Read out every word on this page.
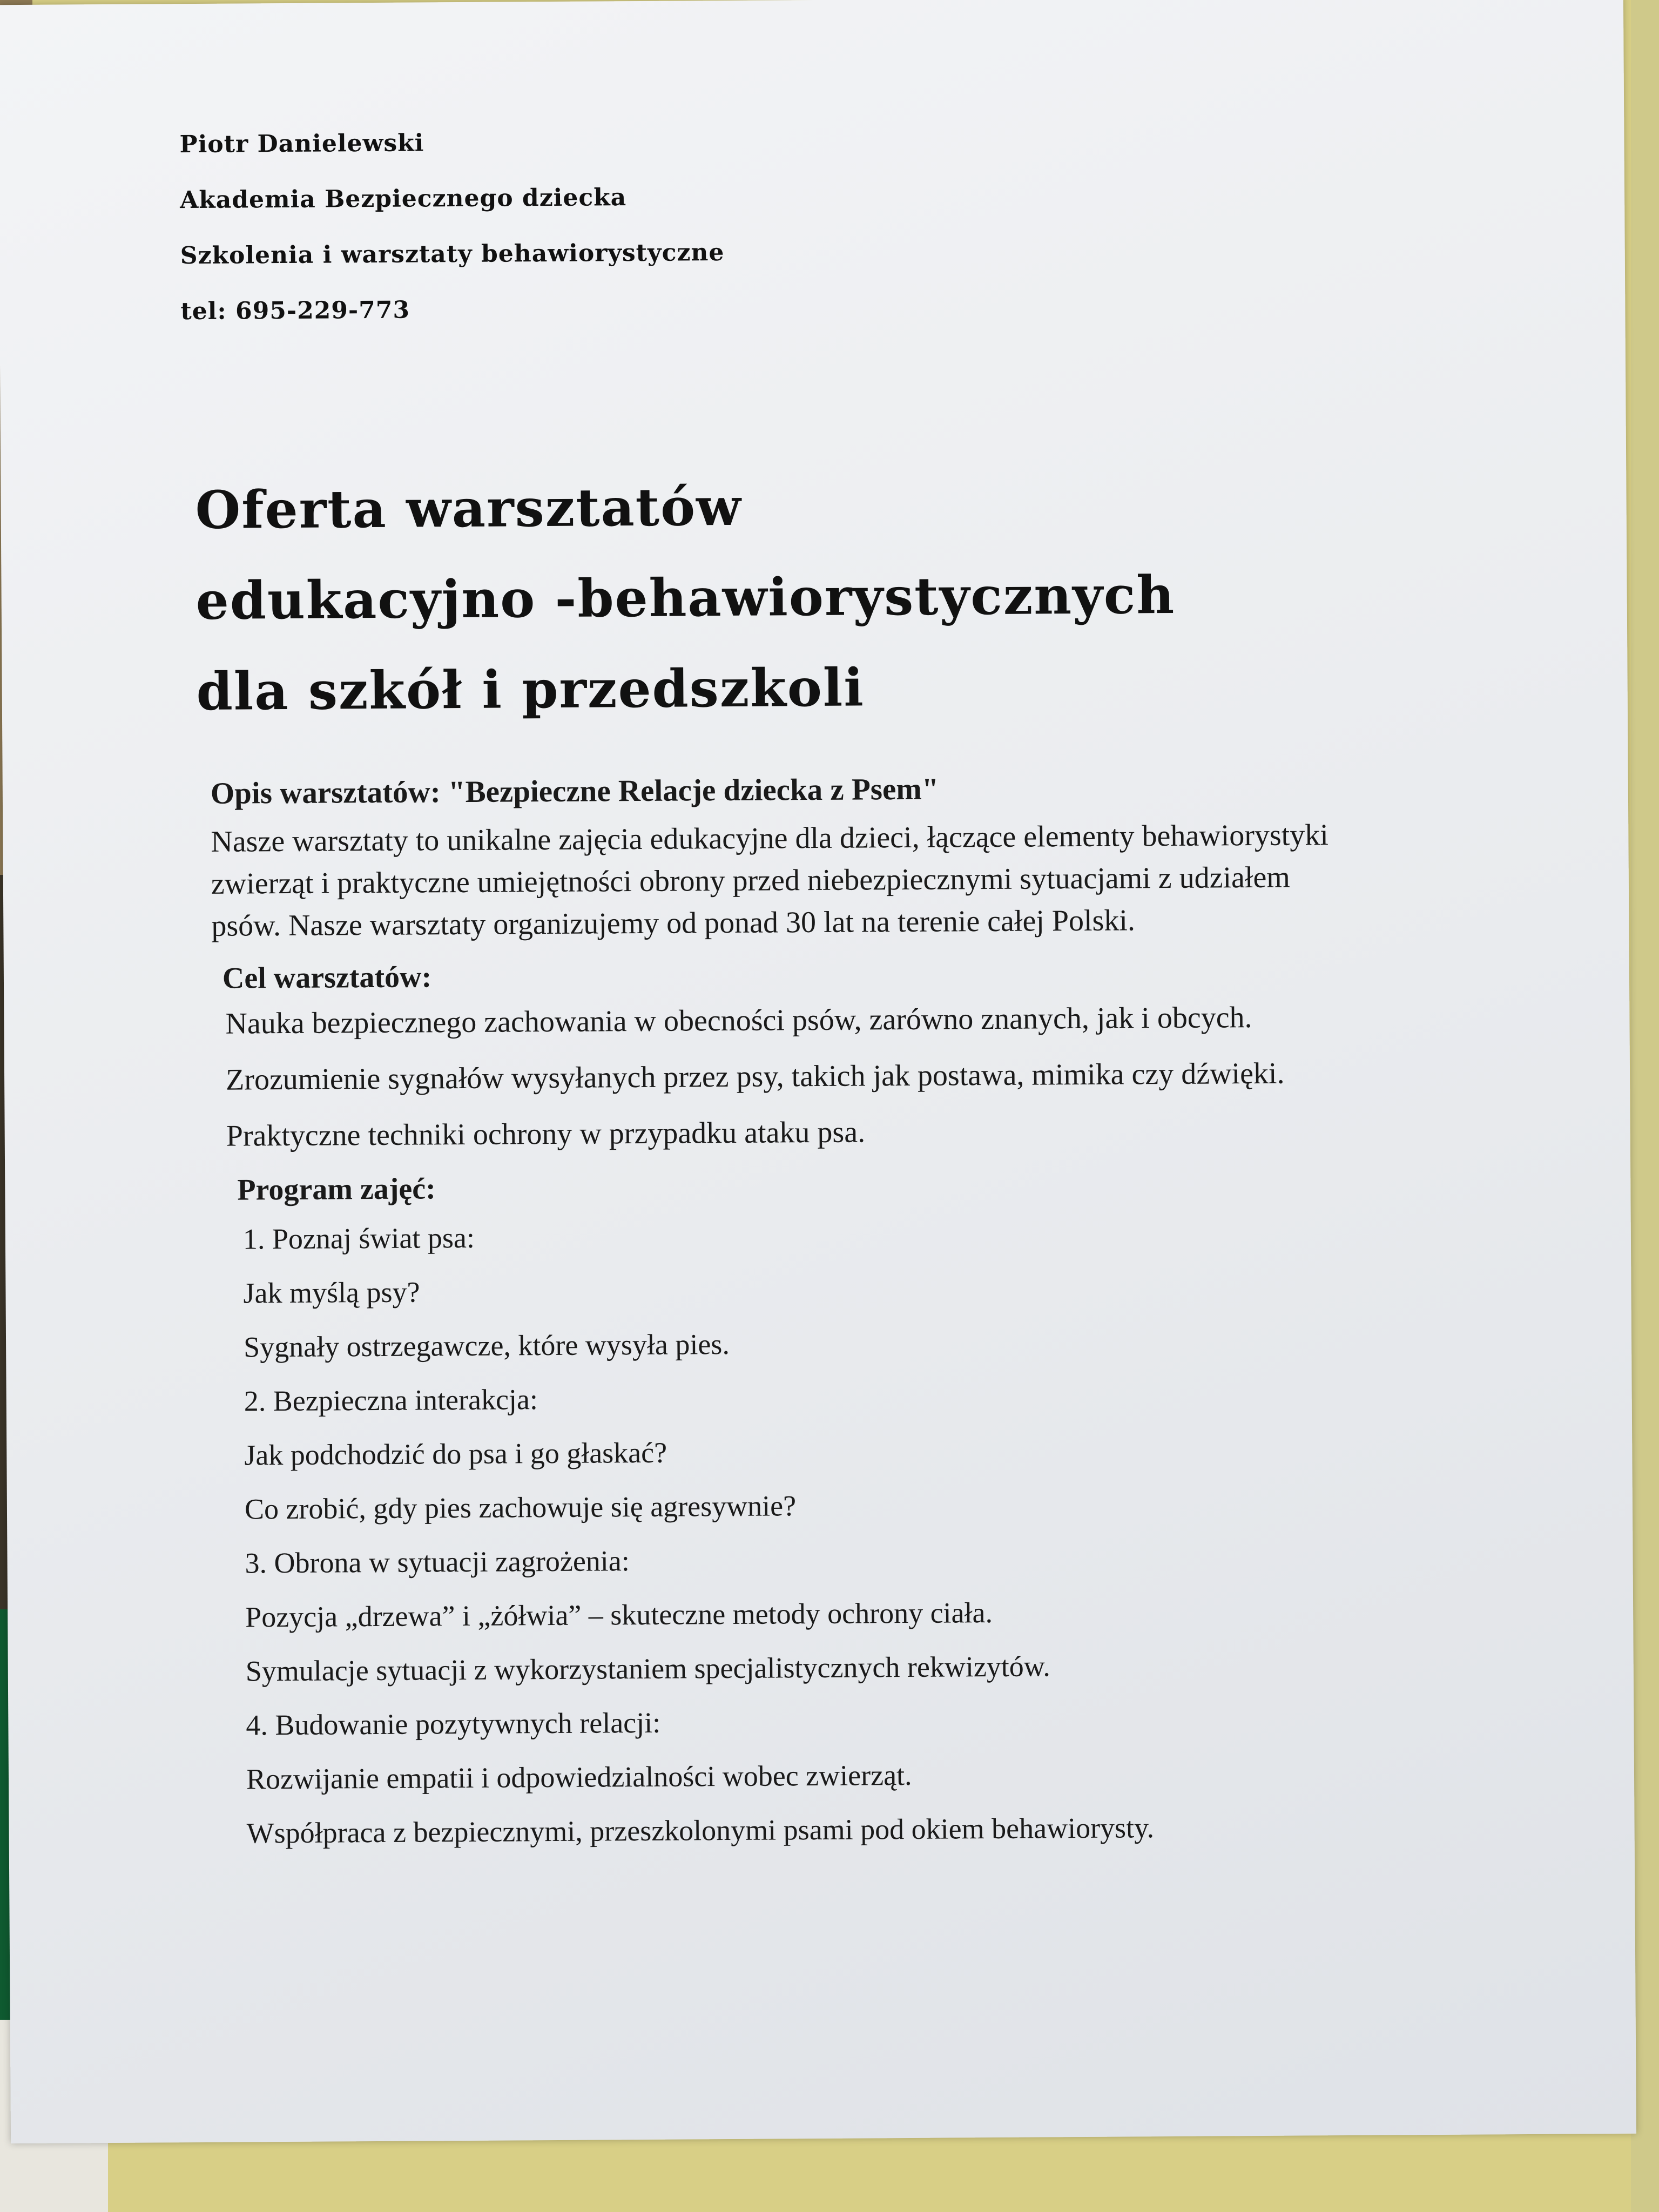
Piotr Danielewski
Akademia Bezpiecznego dziecka
Szkolenia i warsztaty behawiorystyczne
tel: 695-229-773
Oferta warsztatów
edukacyjno -behawiorystycznych
dla szkół i przedszkoli
Opis warsztatów: "Bezpieczne Relacje dziecka z Psem"

Nasze warsztaty to unikalne zajęcia edukacyjne dla dzieci, łączące elementy behawiorystyki

zwierząt i praktyczne umiejętności obrony przed niebezpiecznymi sytuacjami z udziałem

psów. Nasze warsztaty organizujemy od ponad 30 lat na terenie całej Polski.

Cel warsztatów:
Nauka bezpiecznego zachowania w obecności psów, zarówno znanych, jak i obcych.
Zrozumienie sygnałów wysyłanych przez psy, takich jak postawa, mimika czy dźwięki.
Praktyczne techniki ochrony w przypadku ataku psa.
Program zajęć:
1. Poznaj świat psa:
Jak myślą psy?
Sygnały ostrzegawcze, które wysyła pies.
2. Bezpieczna interakcja:
Jak podchodzić do psa i go głaskać?
Co zrobić, gdy pies zachowuje się agresywnie?
3. Obrona w sytuacji zagrożenia:
Pozycja „drzewa” i „żółwia” – skuteczne metody ochrony ciała.
Symulacje sytuacji z wykorzystaniem specjalistycznych rekwizytów.
4. Budowanie pozytywnych relacji:
Rozwijanie empatii i odpowiedzialności wobec zwierząt.
Współpraca z bezpiecznymi, przeszkolonymi psami pod okiem behawiorysty.
